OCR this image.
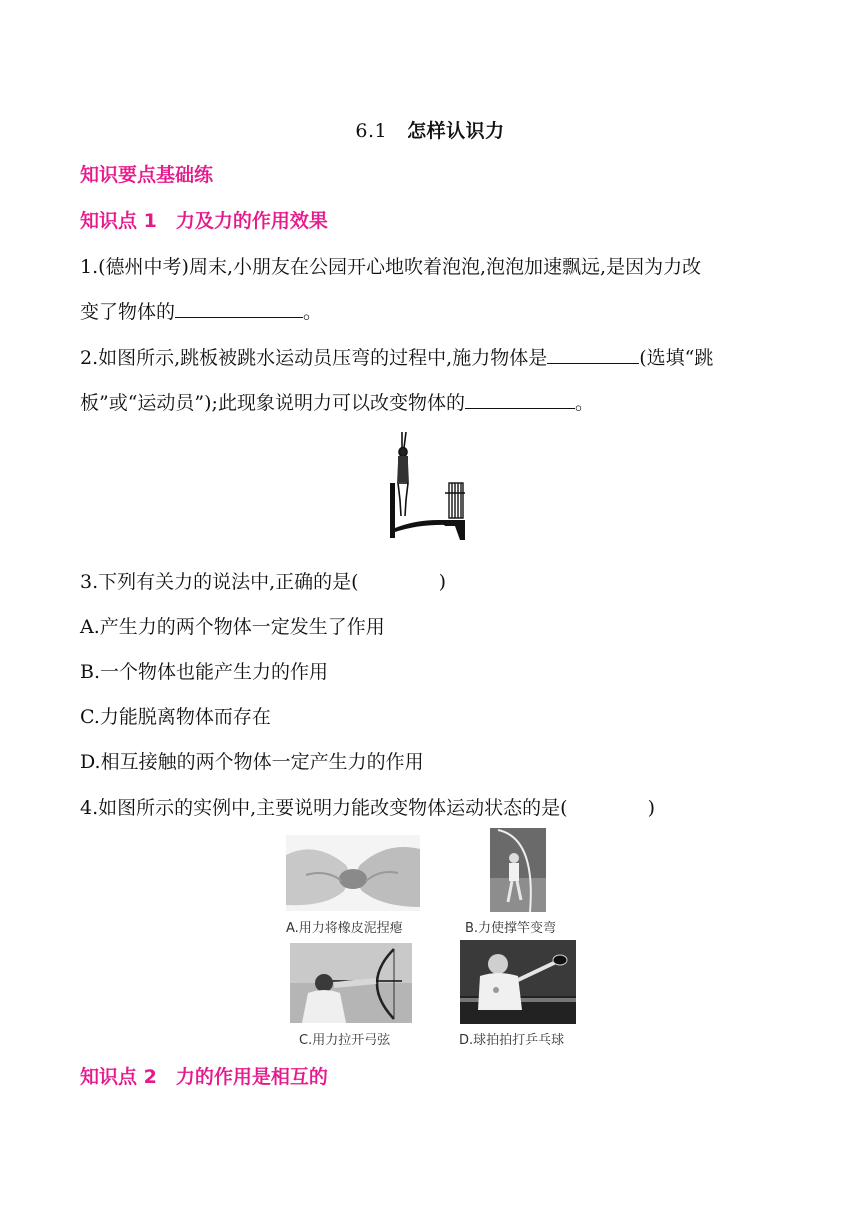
6.1 怎样认识力
知识要点基础练
知识点 1　力及力的作用效果
1.(德州中考)周末,小朋友在公园开心地吹着泡泡,泡泡加速飘远,是因为力改
变了物体的	。
2.如图所示,跳板被跳水运动员压弯的过程中,施力物体是	(选填“跳
板”或“运动员”);此现象说明力可以改变物体的	。
3.下列有关力的说法中,正确的是(	)
A.产生力的两个物体一定发生了作用
B.一个物体也能产生力的作用
C.力能脱离物体而存在
D.相互接触的两个物体一定产生力的作用
4.如图所示的实例中,主要说明力能改变物体运动状态的是(	)
A.用力将橡皮泥捏瘪	B.力使撑竿变弯
C.用力拉开弓弦	D.球拍拍打乒乓球
知识点 2　力的作用是相互的
